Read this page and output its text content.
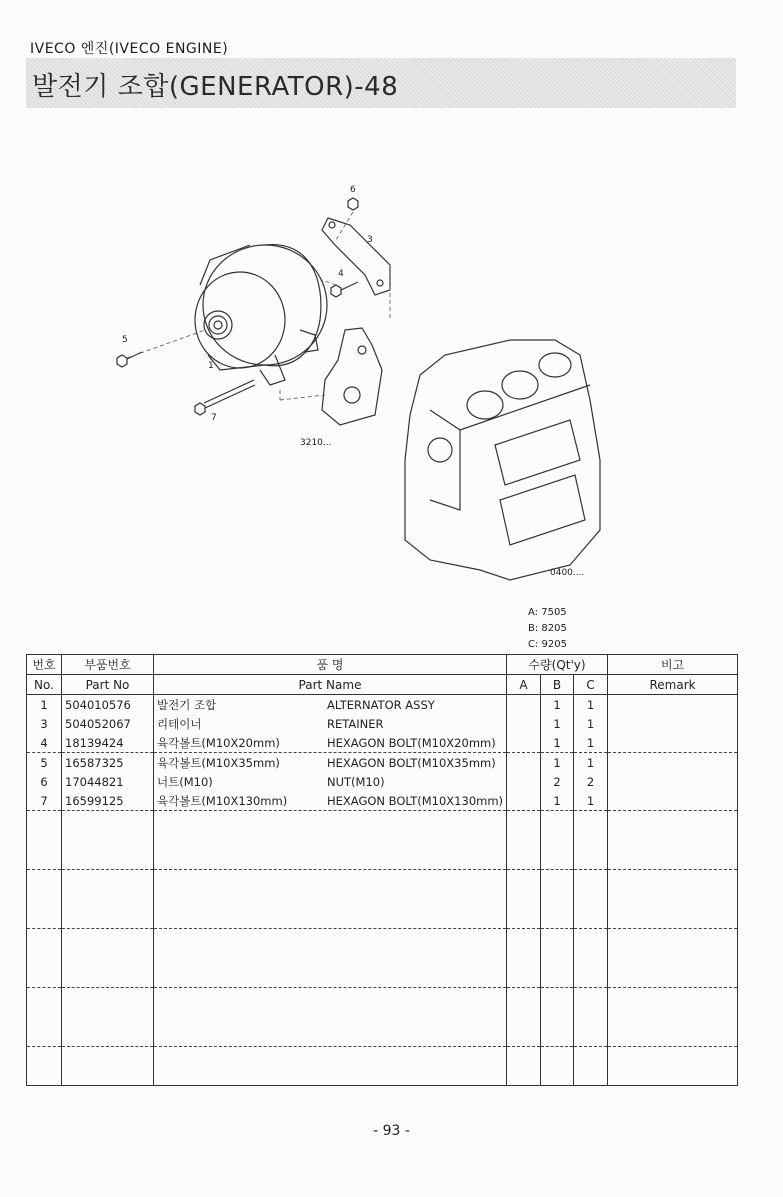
IVECO 엔진(IVECO ENGINE)
발전기 조합(GENERATOR)-48
6
3
4
5
1
7
3210...
0400....
A: 7505
B: 8205
C: 9205
번호	부품번호	품 명	수량(Qt'y)			비고
No.	Part No	Part Name	A	B	C	Remark
1	504010576	발전기 조합 ALTERNATOR ASSY		1	1	
3	504052067	리테이너 RETAINER		1	1	
4	18139424	육각볼트(M10X20mm) HEXAGON BOLT(M10X20mm)		1	1	
5	16587325	육각볼트(M10X35mm) HEXAGON BOLT(M10X35mm)		1	1	
6	17044821	너트(M10) NUT(M10)		2	2	
7	16599125	육각볼트(M10X130mm) HEXAGON BOLT(M10X130mm)		1	1	

- 93 -
